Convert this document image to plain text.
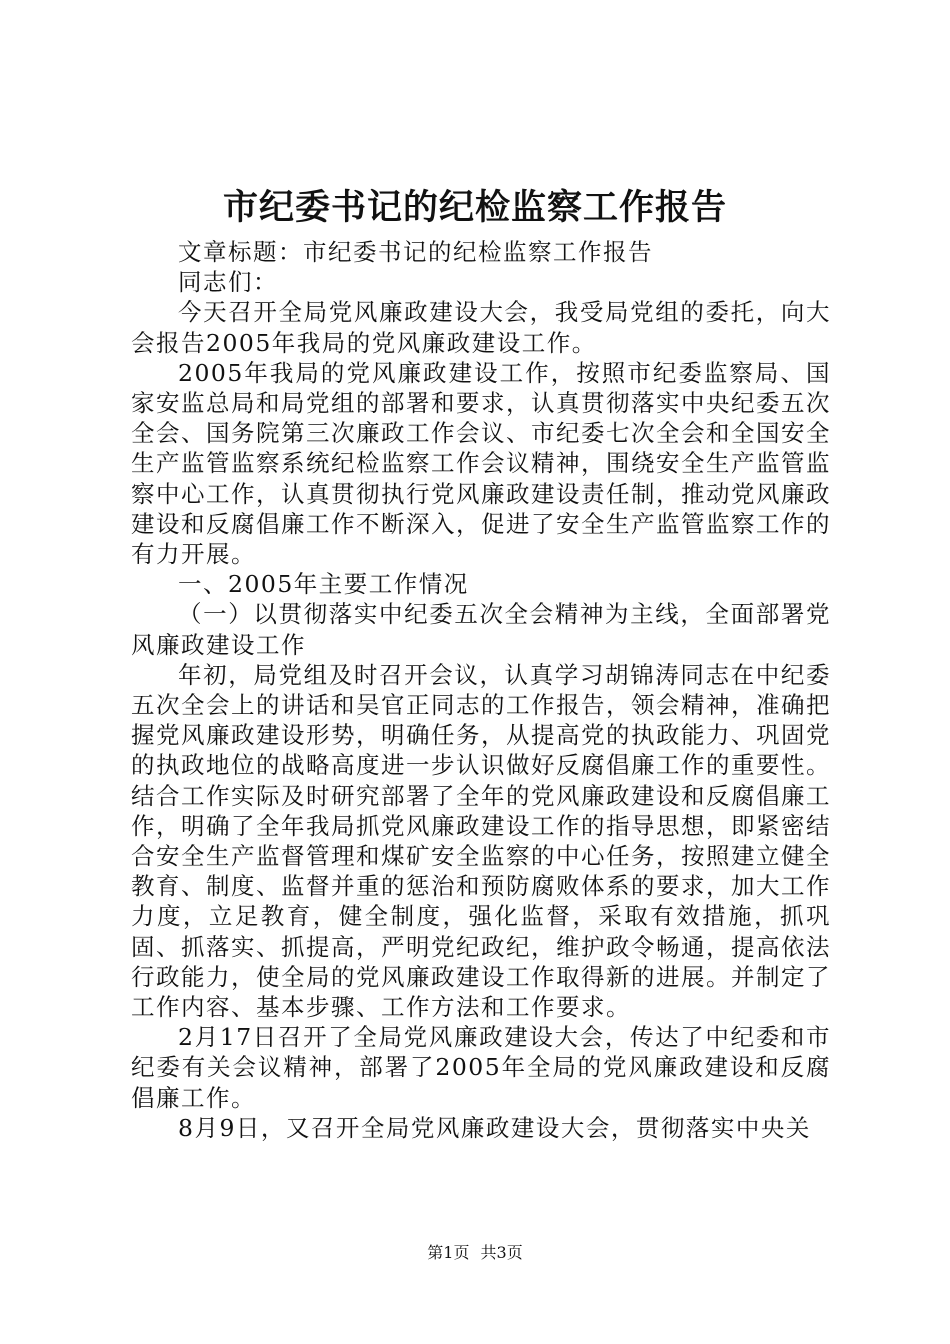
市纪委书记的纪检监察工作报告

文章标题：市纪委书记的纪检监察工作报告

同志们：

今天召开全局党风廉政建设大会，我受局党组的委托，向大会报告2005年我局的党风廉政建设工作。

2005年我局的党风廉政建设工作，按照市纪委监察局、国家安监总局和局党组的部署和要求，认真贯彻落实中央纪委五次全会、国务院第三次廉政工作会议、市纪委七次全会和全国安全生产监管监察系统纪检监察工作会议精神，围绕安全生产监管监察中心工作，认真贯彻执行党风廉政建设责任制，推动党风廉政建设和反腐倡廉工作不断深入，促进了安全生产监管监察工作的有力开展。

一、2005年主要工作情况

（一）以贯彻落实中纪委五次全会精神为主线，全面部署党风廉政建设工作

年初，局党组及时召开会议，认真学习胡锦涛同志在中纪委五次全会上的讲话和吴官正同志的工作报告，领会精神，准确把握党风廉政建设形势，明确任务，从提高党的执政能力、巩固党的执政地位的战略高度进一步认识做好反腐倡廉工作的重要性。结合工作实际及时研究部署了全年的党风廉政建设和反腐倡廉工作，明确了全年我局抓党风廉政建设工作的指导思想，即紧密结合安全生产监督管理和煤矿安全监察的中心任务，按照建立健全教育、制度、监督并重的惩治和预防腐败体系的要求，加大工作力度，立足教育，健全制度，强化监督，采取有效措施，抓巩固、抓落实、抓提高，严明党纪政纪，维护政令畅通，提高依法行政能力，使全局的党风廉政建设工作取得新的进展。并制定了工作内容、基本步骤、工作方法和工作要求。

2月17日召开了全局党风廉政建设大会，传达了中纪委和市纪委有关会议精神，部署了2005年全局的党风廉政建设和反腐倡廉工作。

8月9日，又召开全局党风廉政建设大会，贯彻落实中央关

第1页 共3页
